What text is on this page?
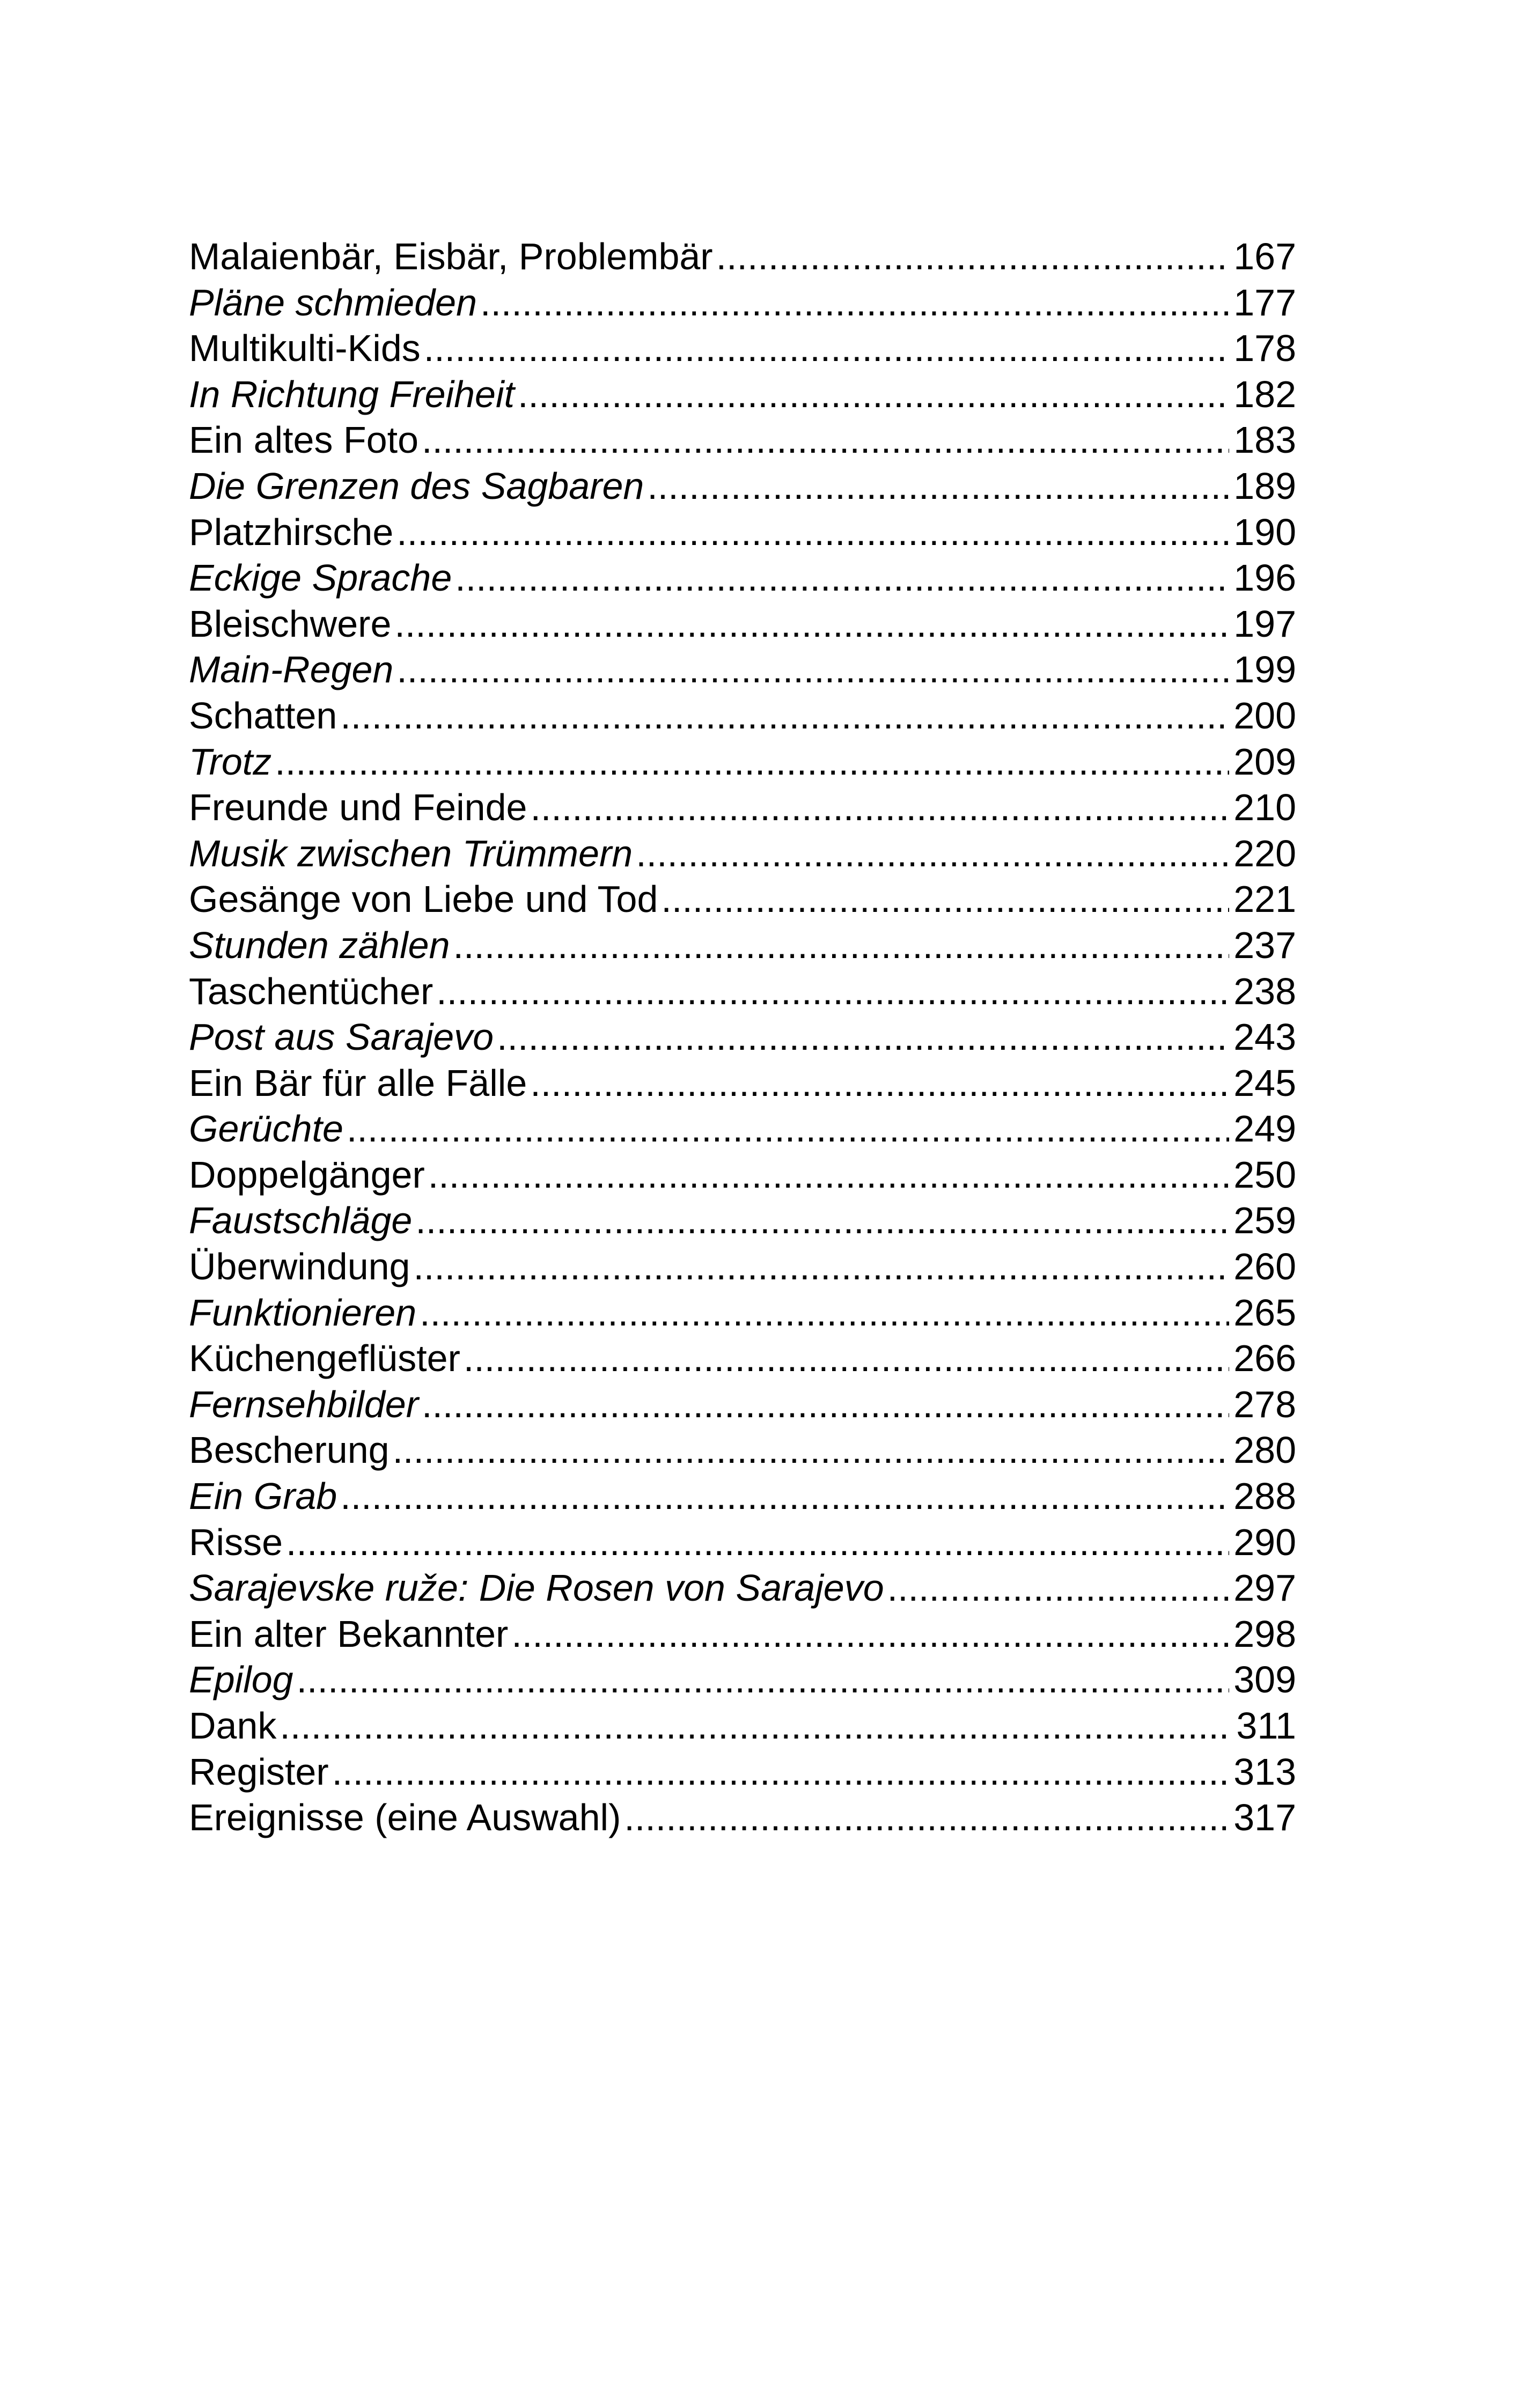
Malaienbär, Eisbär, Problembär .....	167
Pläne schmieden .....	177
Multikulti-Kids .....	178
In Richtung Freiheit .....	182
Ein altes Foto .....	183
Die Grenzen des Sagbaren .....	189
Platzhirsche .....	190
Eckige Sprache .....	196
Bleischwere .....	197
Main-Regen .....	199
Schatten .....	200
Trotz .....	209
Freunde und Feinde .....	210
Musik zwischen Trümmern .....	220
Gesänge von Liebe und Tod .....	221
Stunden zählen .....	237
Taschentücher .....	238
Post aus Sarajevo .....	243
Ein Bär für alle Fälle .....	245
Gerüchte .....	249
Doppelgänger .....	250
Faustschläge .....	259
Überwindung .....	260
Funktionieren .....	265
Küchengeflüster .....	266
Fernsehbilder .....	278
Bescherung .....	280
Ein Grab .....	288
Risse .....	290
Sarajevske ruže: Die Rosen von Sarajevo .....	297
Ein alter Bekannter .....	298
Epilog .....	309
Dank .....	311
Register .....	313
Ereignisse (eine Auswahl) .....	317
